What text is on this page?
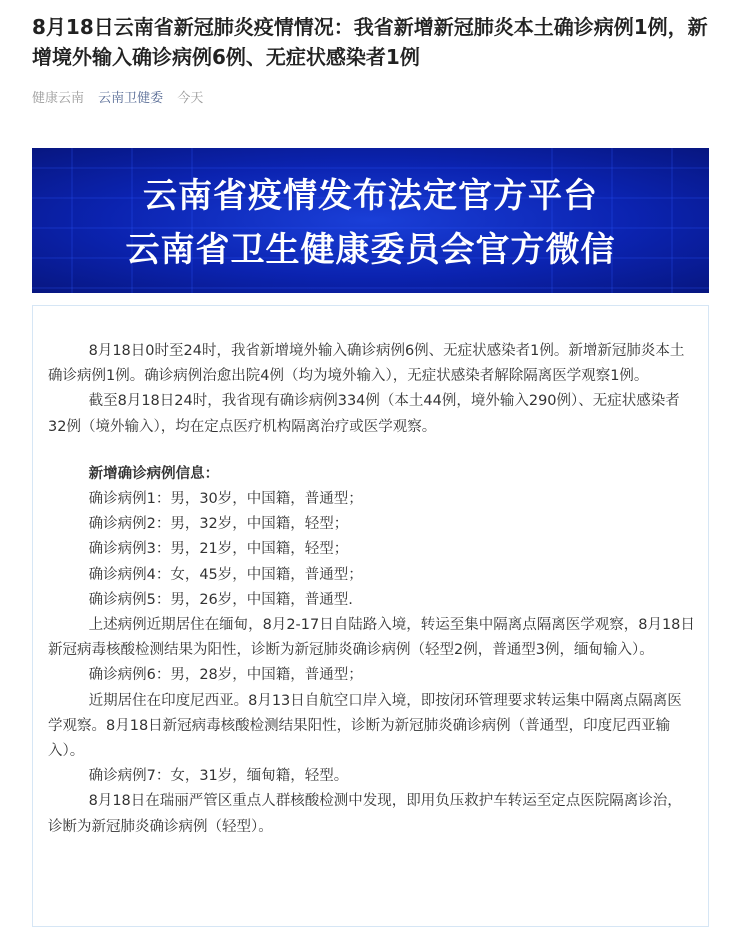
8月18日云南省新冠肺炎疫情情况：我省新增新冠肺炎本土确诊病例1例，新增境外输入确诊病例6例、无症状感染者1例
健康云南 云南卫健委 今天
云南省疫情发布法定官方平台
云南省卫生健康委员会官方微信

8月18日0时至24时，我省新增境外输入确诊病例6例、无症状感染者1例。新增新冠肺炎本土确诊病例1例。确诊病例治愈出院4例（均为境外输入），无症状感染者解除隔离医学观察1例。

截至8月18日24时，我省现有确诊病例334例（本土44例，境外输入290例）、无症状感染者32例（境外输入），均在定点医疗机构隔离治疗或医学观察。

新增确诊病例信息：

确诊病例1：男，30岁，中国籍，普通型；

确诊病例2：男，32岁，中国籍，轻型；

确诊病例3：男，21岁，中国籍，轻型；

确诊病例4：女，45岁，中国籍，普通型；

确诊病例5：男，26岁，中国籍，普通型.

上述病例近期居住在缅甸，8月2-17日自陆路入境，转运至集中隔离点隔离医学观察，8月18日新冠病毒核酸检测结果为阳性，诊断为新冠肺炎确诊病例（轻型2例，普通型3例，缅甸输入）。

确诊病例6：男，28岁，中国籍，普通型；

近期居住在印度尼西亚。8月13日自航空口岸入境，即按闭环管理要求转运集中隔离点隔离医学观察。8月18日新冠病毒核酸检测结果阳性，诊断为新冠肺炎确诊病例（普通型，印度尼西亚输入）。

确诊病例7：女，31岁，缅甸籍，轻型。

8月18日在瑞丽严管区重点人群核酸检测中发现，即用负压救护车转运至定点医院隔离诊治，诊断为新冠肺炎确诊病例（轻型）。
